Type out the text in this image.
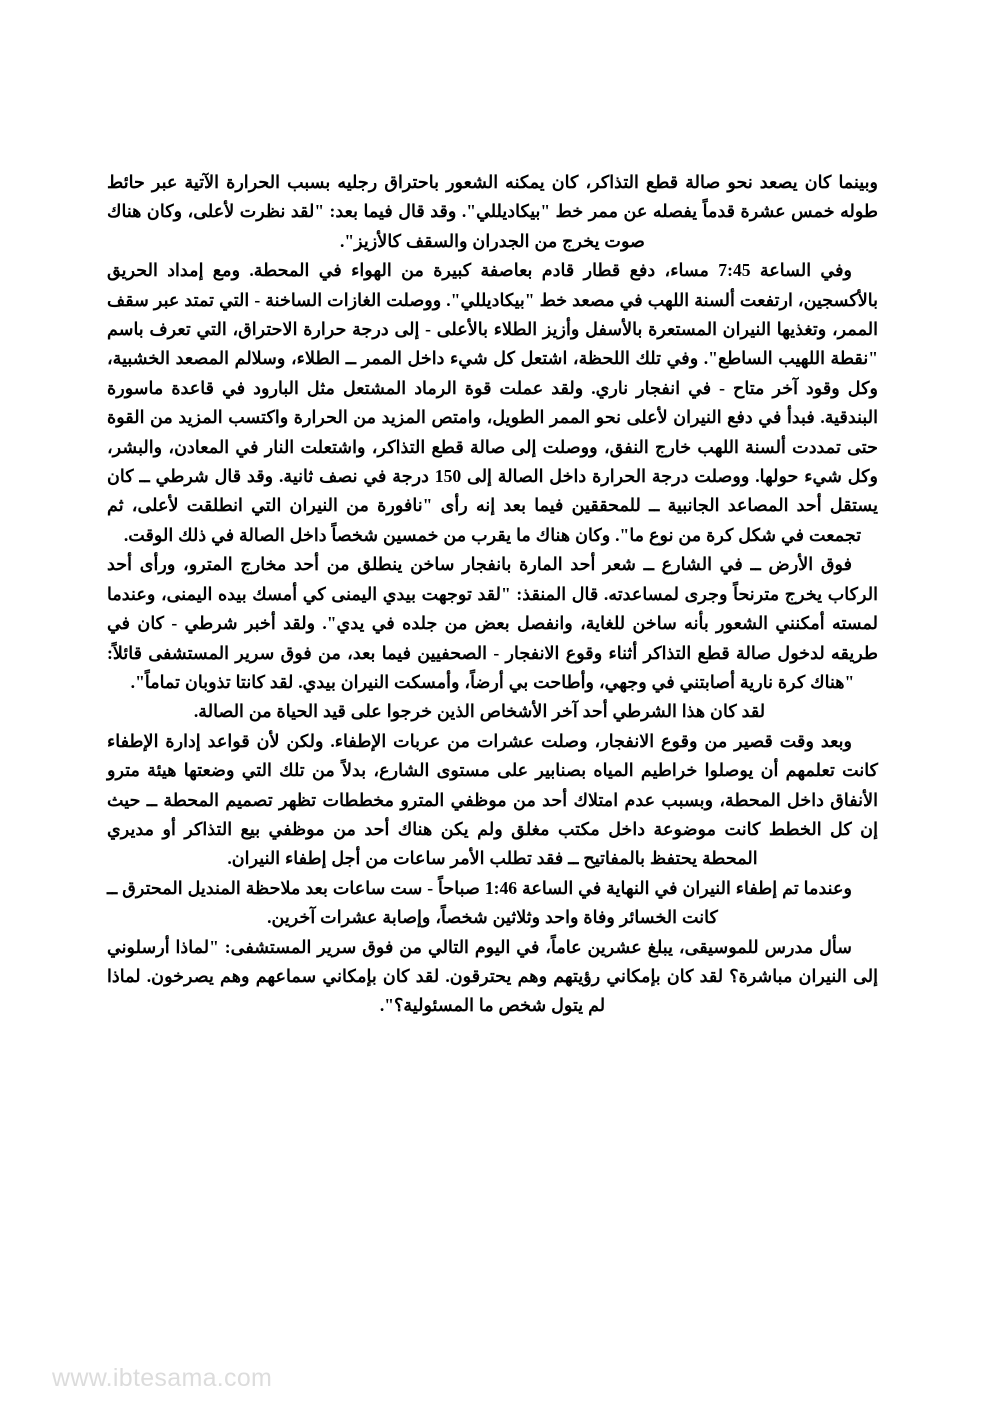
وبينما كان يصعد نحو صالة قطع التذاكر، كان يمكنه الشعور باحتراق رجليه بسبب الحرارة الآتية عبر حائط طوله خمس عشرة قدماً يفصله عن ممر خط "بيكاديللي". وقد قال فيما بعد: "لقد نظرت لأعلى، وكان هناك صوت يخرج من الجدران والسقف كالأزيز".

وفي الساعة 7:45 مساء، دفع قطار قادم بعاصفة كبيرة من الهواء في المحطة. ومع إمداد الحريق بالأكسجين، ارتفعت ألسنة اللهب في مصعد خط "بيكاديللي". ووصلت الغازات الساخنة - التي تمتد عبر سقف الممر، وتغذيها النيران المستعرة بالأسفل وأزيز الطلاء بالأعلى - إلى درجة حرارة الاحتراق، التي تعرف باسم "نقطة اللهيب الساطع". وفي تلك اللحظة، اشتعل كل شيء داخل الممر ــ الطلاء، وسلالم المصعد الخشبية، وكل وقود آخر متاح - في انفجار ناري. ولقد عملت قوة الرماد المشتعل مثل البارود في قاعدة ماسورة البندقية. فبدأ في دفع النيران لأعلى نحو الممر الطويل، وامتص المزيد من الحرارة واكتسب المزيد من القوة حتى تمددت ألسنة اللهب خارج النفق، ووصلت إلى صالة قطع التذاكر، واشتعلت النار في المعادن، والبشر، وكل شيء حولها. ووصلت درجة الحرارة داخل الصالة إلى 150 درجة في نصف ثانية. وقد قال شرطي ــ كان يستقل أحد المصاعد الجانبية ــ للمحققين فيما بعد إنه رأى "نافورة من النيران التي انطلقت لأعلى، ثم تجمعت في شكل كرة من نوع ما". وكان هناك ما يقرب من خمسين شخصاً داخل الصالة في ذلك الوقت.

فوق الأرض ــ في الشارع ــ شعر أحد المارة بانفجار ساخن ينطلق من أحد مخارج المترو، ورأى أحد الركاب يخرج مترنحاً وجرى لمساعدته. قال المنقذ: "لقد توجهت بيدي اليمنى كي أمسك بيده اليمنى، وعندما لمسته أمكنني الشعور بأنه ساخن للغاية، وانفصل بعض من جلده في يدي". ولقد أخبر شرطي - كان في طريقه لدخول صالة قطع التذاكر أثناء وقوع الانفجار - الصحفيين فيما بعد، من فوق سرير المستشفى قائلاً: "هناك كرة نارية أصابتني في وجهي، وأطاحت بي أرضاً، وأمسكت النيران بيدي. لقد كانتا تذوبان تماماً".

لقد كان هذا الشرطي أحد آخر الأشخاص الذين خرجوا على قيد الحياة من الصالة.

وبعد وقت قصير من وقوع الانفجار، وصلت عشرات من عربات الإطفاء. ولكن لأن قواعد إدارة الإطفاء كانت تعلمهم أن يوصلوا خراطيم المياه بصنابير على مستوى الشارع، بدلاً من تلك التي وضعتها هيئة مترو الأنفاق داخل المحطة، وبسبب عدم امتلاك أحد من موظفي المترو مخططات تظهر تصميم المحطة ــ حيث إن كل الخطط كانت موضوعة داخل مكتب مغلق ولم يكن هناك أحد من موظفي بيع التذاكر أو مديري المحطة يحتفظ بالمفاتيح ــ فقد تطلب الأمر ساعات من أجل إطفاء النيران.

وعندما تم إطفاء النيران في النهاية في الساعة 1:46 صباحاً - ست ساعات بعد ملاحظة المنديل المحترق ــ كانت الخسائر وفاة واحد وثلاثين شخصاً، وإصابة عشرات آخرين.

سأل مدرس للموسيقى، يبلغ عشرين عاماً، في اليوم التالي من فوق سرير المستشفى: "لماذا أرسلوني إلى النيران مباشرة؟ لقد كان بإمكاني رؤيتهم وهم يحترقون. لقد كان بإمكاني سماعهم وهم يصرخون. لماذا لم يتول شخص ما المسئولية؟".

www.ibtesama.com
